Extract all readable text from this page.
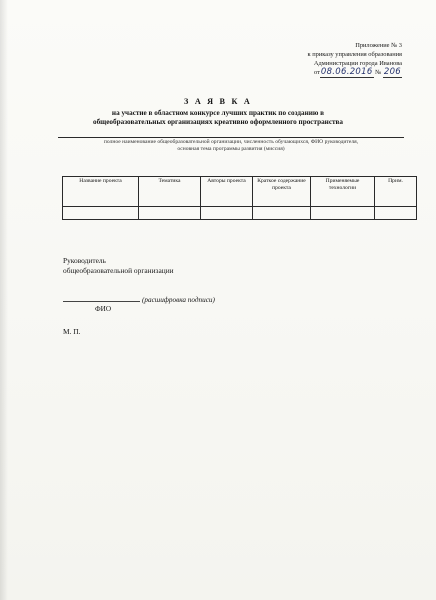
Приложение № 3
к приказу управления образования
Администрации города Иванова
от08.06.2016 № 206
З А Я В К А
на участие в областном конкурсе лучших практик по созданию в
общеобразовательных организациях креативно оформленного пространства
полное наименование общеобразовательной организации, численность обучающихся, ФИО руководителя,
основная тема программы развития (миссия)
Название проекта	Тематика	Авторы проекта	Краткое содержание проекта	Применяемые технологии	Прим.

Руководитель
общеобразовательной организации
(расшифровка подписи)
ФИО
М. П.
